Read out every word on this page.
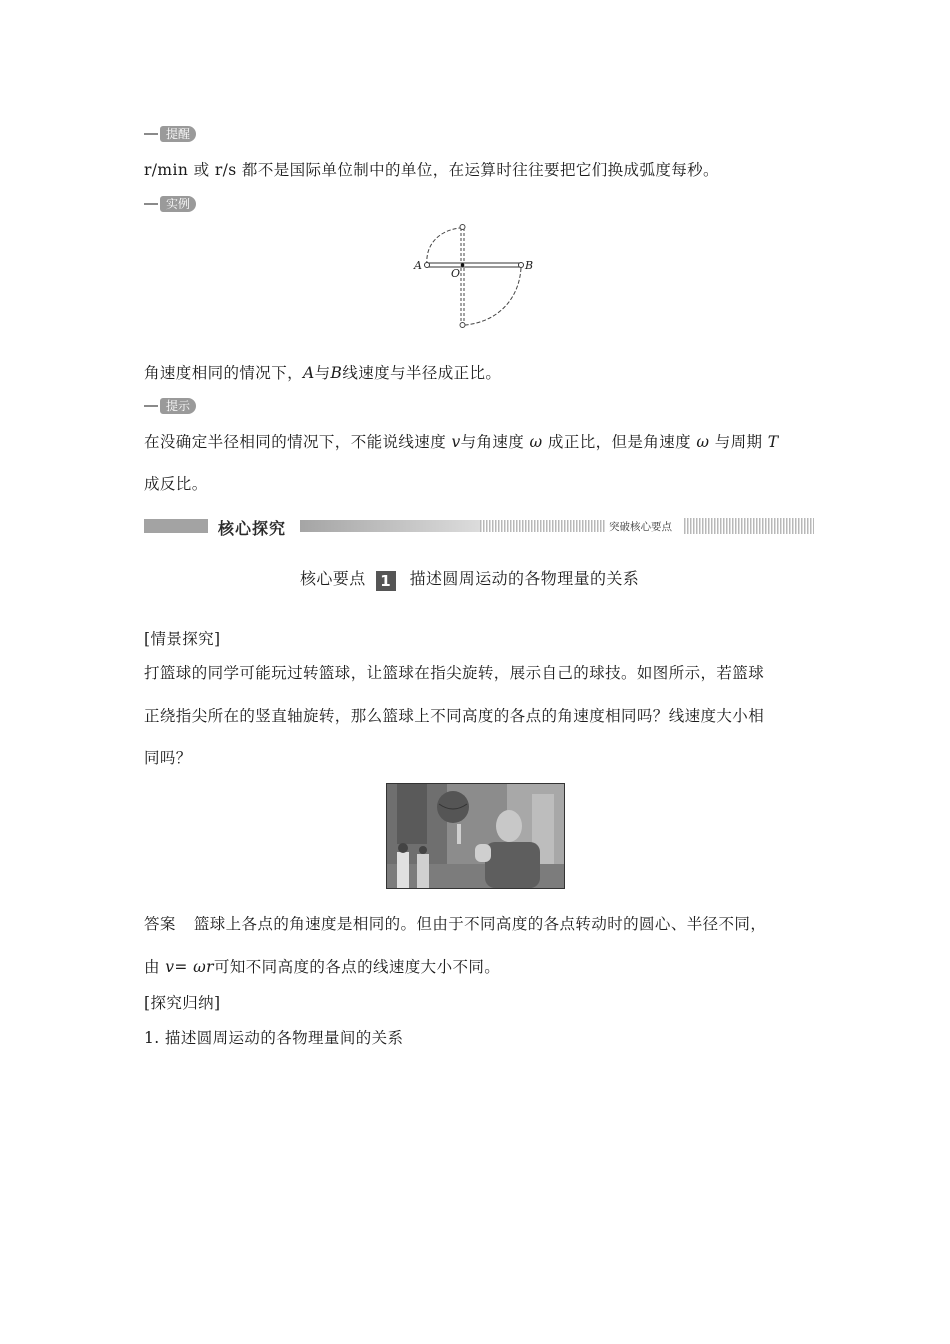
提醒
r/min 或 r/s 都不是国际单位制中的单位，在运算时往往要把它们换成弧度每秒。
实例
A
O
B
角速度相同的情况下，A与B线速度与半径成正比。
提示
在没确定半径相同的情况下，不能说线速度 v与角速度 ω 成正比，但是角速度 ω 与周期 T
成反比。
核心探究	突破核心要点
核心要点 1 描述圆周运动的各物理量的关系
[情景探究]
打篮球的同学可能玩过转篮球，让篮球在指尖旋转，展示自己的球技。如图所示，若篮球
正绕指尖所在的竖直轴旋转，那么篮球上不同高度的各点的角速度相同吗？线速度大小相
同吗？
答案 篮球上各点的角速度是相同的。但由于不同高度的各点转动时的圆心、半径不同，
由 v= ωr可知不同高度的各点的线速度大小不同。
[探究归纳]
1. 描述圆周运动的各物理量间的关系
